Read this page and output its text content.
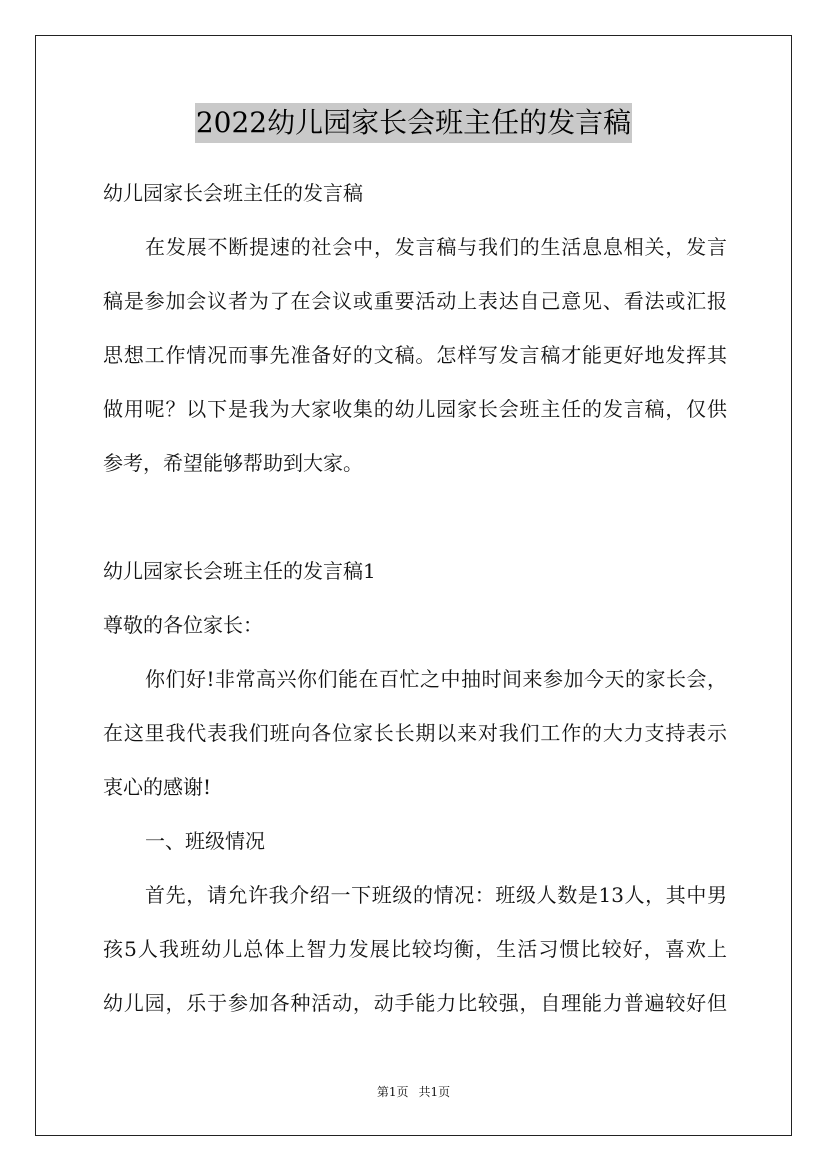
2022幼儿园家长会班主任的发言稿
幼儿园家长会班主任的发言稿
在发展不断提速的社会中，发言稿与我们的生活息息相关，发言
稿是参加会议者为了在会议或重要活动上表达自己意见、看法或汇报
思想工作情况而事先准备好的文稿。怎样写发言稿才能更好地发挥其
做用呢？以下是我为大家收集的幼儿园家长会班主任的发言稿，仅供
参考，希望能够帮助到大家。
幼儿园家长会班主任的发言稿1
尊敬的各位家长：
你们好!非常高兴你们能在百忙之中抽时间来参加今天的家长会，
在这里我代表我们班向各位家长长期以来对我们工作的大力支持表示
衷心的感谢!
一、班级情况
首先，请允许我介绍一下班级的情况：班级人数是13人，其中男
孩5人我班幼儿总体上智力发展比较均衡，生活习惯比较好，喜欢上
幼儿园，乐于参加各种活动，动手能力比较强，自理能力普遍较好但
第1页 共1页
